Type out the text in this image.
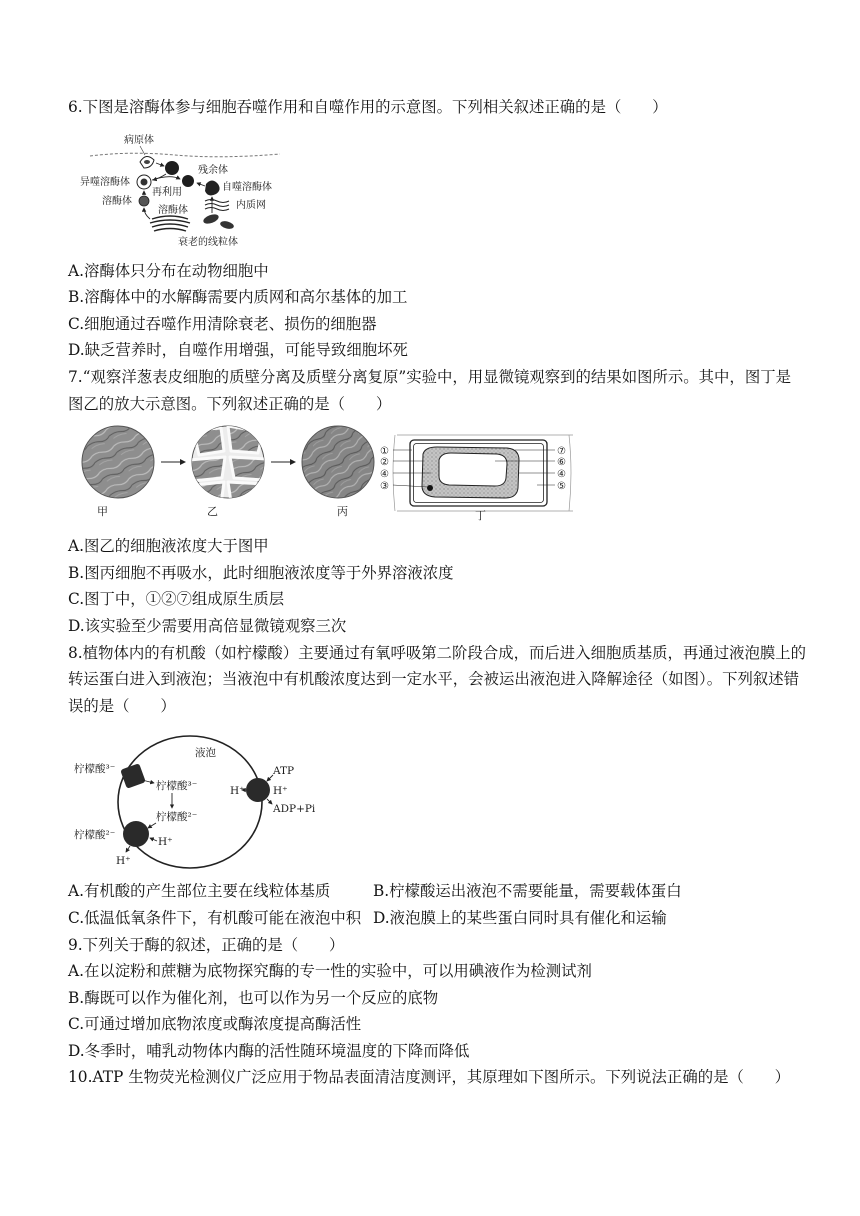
6.下图是溶酶体参与细胞吞噬作用和自噬作用的示意图。下列相关叙述正确的是（　　）
病原体
异噬溶酶体
溶酶体
再利用
残余体
自噬溶酶体
内质网
溶酶体
衰老的线粒体
A.溶酶体只分布在动物细胞中
B.溶酶体中的水解酶需要内质网和高尔基体的加工
C.细胞通过吞噬作用清除衰老、损伤的细胞器
D.缺乏营养时，自噬作用增强，可能导致细胞坏死
7.“观察洋葱表皮细胞的质壁分离及质壁分离复原”实验中，用显微镜观察到的结果如图所示。其中，图丁是
图乙的放大示意图。下列叙述正确的是（　　）
①
②
④
③
⑦
⑥
④
⑤
甲	乙	丙	丁
A.图乙的细胞液浓度大于图甲
B.图丙细胞不再吸水，此时细胞液浓度等于外界溶液浓度
C.图丁中，①②⑦组成原生质层
D.该实验至少需要用高倍显微镜观察三次
8.植物体内的有机酸（如柠檬酸）主要通过有氧呼吸第二阶段合成，而后进入细胞质基质，再通过液泡膜上的
转运蛋白进入到液泡；当液泡中有机酸浓度达到一定水平，会被运出液泡进入降解途径（如图）。下列叙述错
误的是（　　）
液泡
柠檬酸³⁻
柠檬酸³⁻
柠檬酸²⁻
H⁺
ATP
H⁺
ADP+Pi
柠檬酸²⁻
H⁺
H⁺
A.有机酸的产生部位主要在线粒体基质	B.柠檬酸运出液泡不需要能量，需要载体蛋白
C.低温低氧条件下，有机酸可能在液泡中积 D.液泡膜上的某些蛋白同时具有催化和运输
9.下列关于酶的叙述，正确的是（　　）
A.在以淀粉和蔗糖为底物探究酶的专一性的实验中，可以用碘液作为检测试剂
B.酶既可以作为催化剂，也可以作为另一个反应的底物
C.可通过增加底物浓度或酶浓度提高酶活性
D.冬季时，哺乳动物体内酶的活性随环境温度的下降而降低
10.ATP 生物荧光检测仪广泛应用于物品表面清洁度测评，其原理如下图所示。下列说法正确的是（　　）
